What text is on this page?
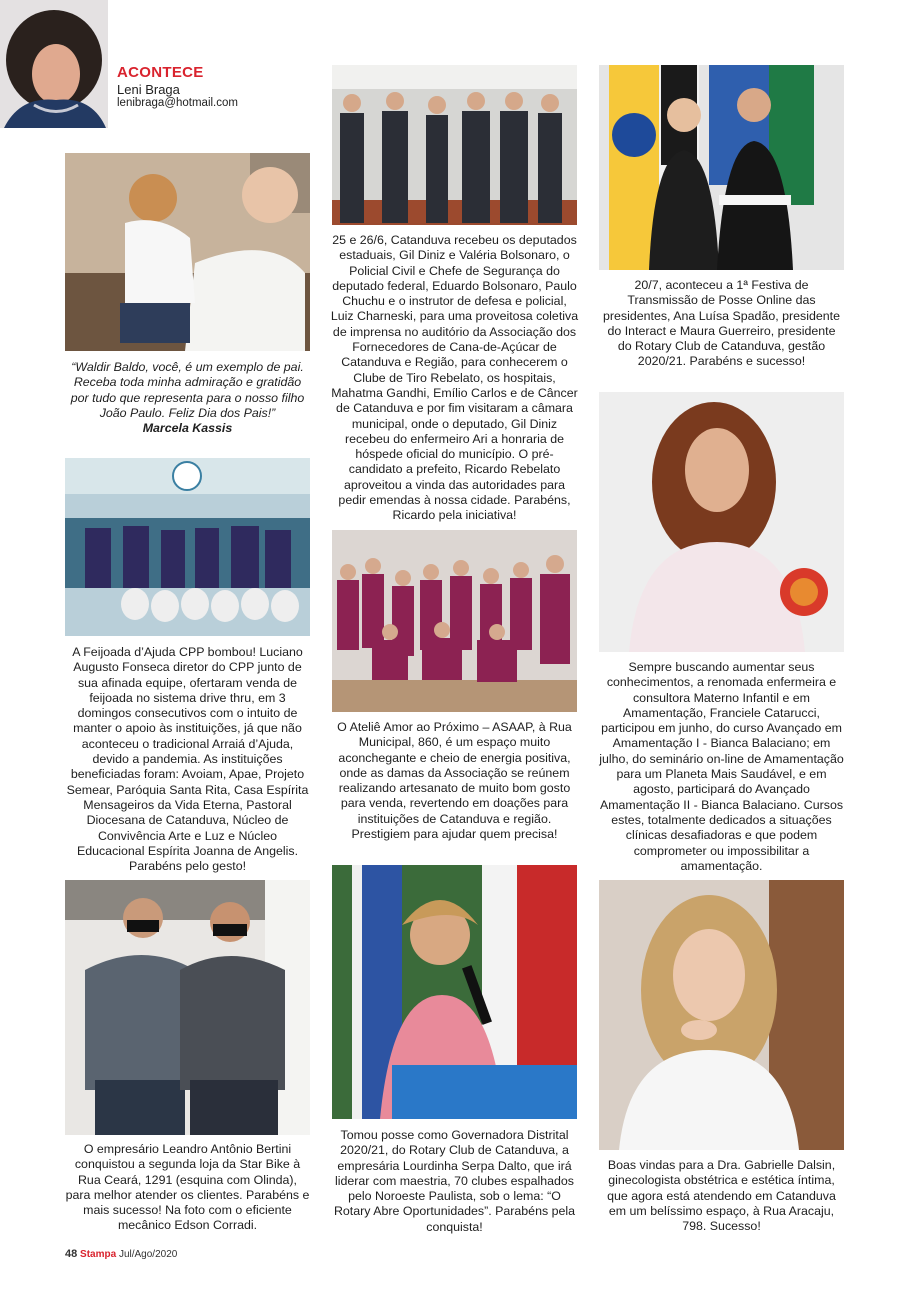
ACONTECE
Leni Braga
lenibraga@hotmail.com

“Waldir Baldo, você, é um exemplo de pai. Receba toda minha admiração e gratidão por tudo que representa para o nosso filho João Paulo. Feliz Dia dos Pais!”

Marcela Kassis

A Feijoada d’Ajuda CPP bombou! Luciano Augusto Fonseca diretor do CPP junto de sua afinada equipe, ofertaram venda de feijoada no sistema drive thru, em 3 domingos consecutivos com o intuito de manter o apoio às instituições, já que não aconteceu o tradicional Arraiá d’Ajuda, devido a pandemia. As instituições beneficiadas foram: Avoiam, Apae, Projeto Semear, Paróquia Santa Rita, Casa Espírita Mensageiros da Vida Eterna, Pastoral Diocesana de Catanduva, Núcleo de Convivência Arte e Luz e Núcleo Educacional Espírita Joanna de Angelis. Parabéns pelo gesto!
O empresário Leandro Antônio Bertini conquistou a segunda loja da Star Bike à Rua Ceará, 1291 (esquina com Olinda), para melhor atender os clientes. Parabéns e mais sucesso! Na foto com o eficiente mecânico Edson Corradi.
25 e 26/6, Catanduva recebeu os deputados estaduais, Gil Diniz e Valéria Bolsonaro, o Policial Civil e Chefe de Segurança do deputado federal, Eduardo Bolsonaro, Paulo Chuchu e o instrutor de defesa e policial, Luiz Charneski, para uma proveitosa coletiva de imprensa no auditório da Associação dos Fornecedores de Cana-de-Açúcar de Catanduva e Região, para conhecerem o Clube de Tiro Rebelato, os hospitais, Mahatma Gandhi, Emílio Carlos e de Câncer de Catanduva e por fim visitaram a câmara municipal, onde o deputado, Gil Diniz recebeu do enfermeiro Ari a honraria de hóspede oficial do município. O pré-candidato a prefeito, Ricardo Rebelato aproveitou a vinda das autoridades para pedir emendas à nossa cidade. Parabéns, Ricardo pela iniciativa!
O Ateliê Amor ao Próximo – ASAAP, à Rua Municipal, 860, é um espaço muito aconchegante e cheio de energia positiva, onde as damas da Associação se reúnem realizando artesanato de muito bom gosto para venda, revertendo em doações para instituições de Catanduva e região. Prestigiem para ajudar quem precisa!
Tomou posse como Governadora Distrital 2020/21, do Rotary Club de Catanduva, a empresária Lourdinha Serpa Dalto, que irá liderar com maestria, 70 clubes espalhados pelo Noroeste Paulista, sob o lema: “O Rotary Abre Oportunidades”. Parabéns pela conquista!
20/7, aconteceu a 1ª Festiva de Transmissão de Posse Online das presidentes, Ana Luísa Spadão, presidente do Interact e Maura Guerreiro, presidente do Rotary Club de Catanduva, gestão 2020/21. Parabéns e sucesso!
Sempre buscando aumentar seus conhecimentos, a renomada enfermeira e consultora Materno Infantil e em Amamentação, Franciele Catarucci, participou em junho, do curso Avançado em Amamentação I - Bianca Balaciano; em julho, do seminário on-line de Amamentação para um Planeta Mais Saudável, e em agosto, participará do Avançado Amamentação II - Bianca Balaciano. Cursos estes, totalmente dedicados a situações clínicas desafiadoras e que podem comprometer ou impossibilitar a amamentação.
Boas vindas para a Dra. Gabrielle Dalsin, ginecologista obstétrica e estética íntima, que agora está atendendo em Catanduva em um belíssimo espaço, à Rua Aracaju, 798. Sucesso!
48 Stampa Jul/Ago/2020
